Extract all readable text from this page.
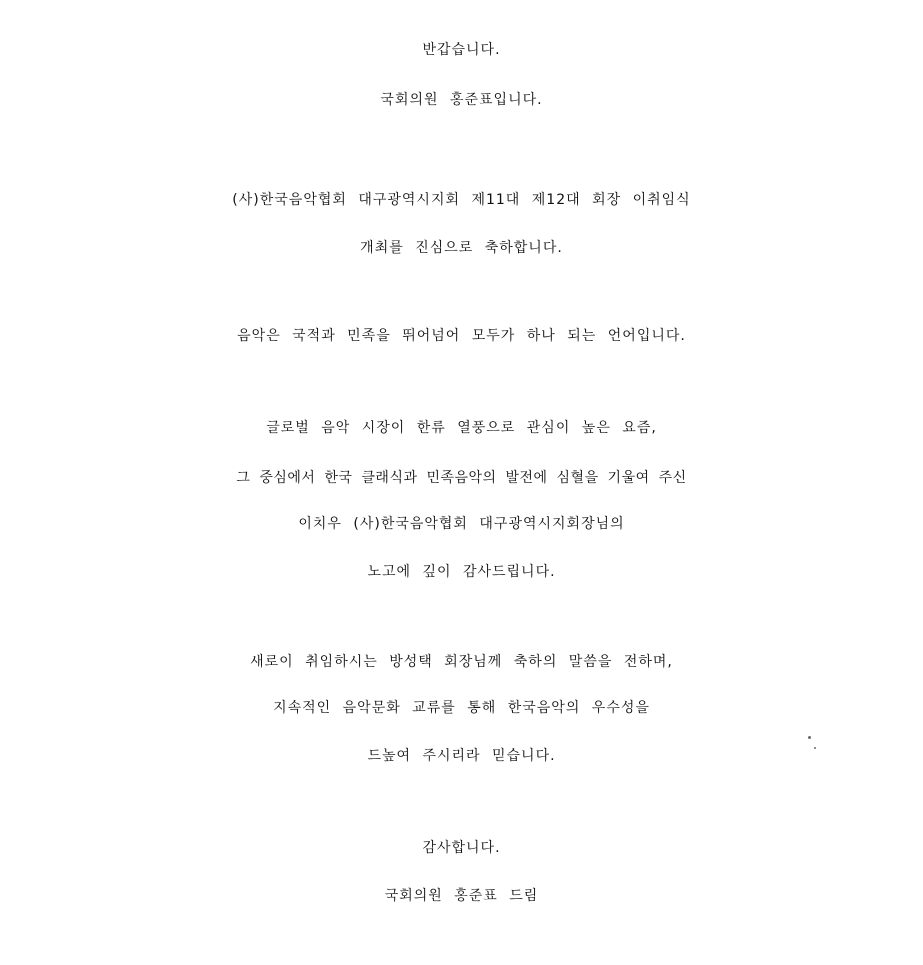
반갑습니다.
국회의원 홍준표입니다.
(사)한국음악협회 대구광역시지회 제11대 제12대 회장 이취임식
개최를 진심으로 축하합니다.
음악은 국적과 민족을 뛰어넘어 모두가 하나 되는 언어입니다.
글로벌 음악 시장이 한류 열풍으로 관심이 높은 요즘,
그 중심에서 한국 클래식과 민족음악의 발전에 심혈을 기울여 주신
이치우 (사)한국음악협회 대구광역시지회장님의
노고에 깊이 감사드립니다.
새로이 취임하시는 방성택 회장님께 축하의 말씀을 전하며,
지속적인 음악문화 교류를 통해 한국음악의 우수성을
드높여 주시리라 믿습니다.
감사합니다.
국회의원 홍준표 드림
